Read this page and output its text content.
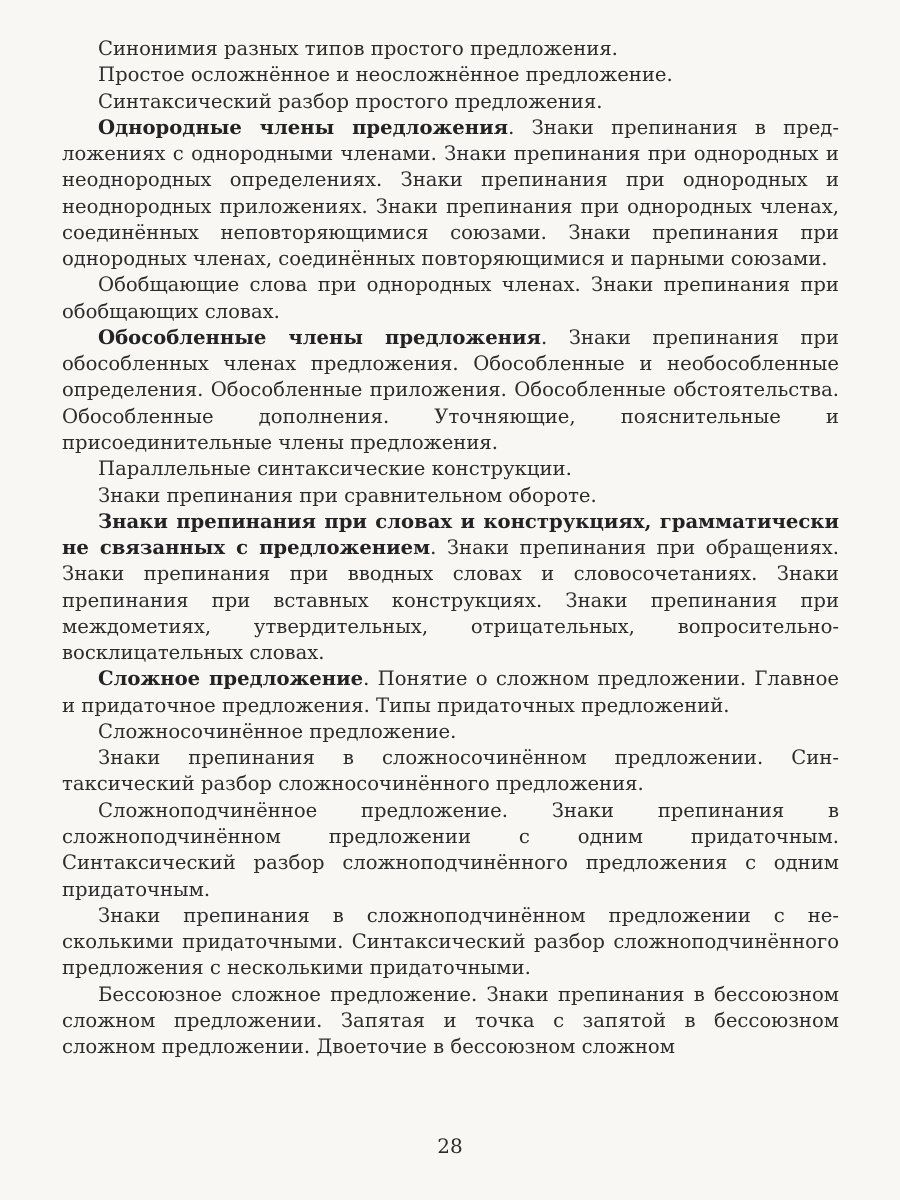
Синонимия разных типов простого предложения.

Простое осложнённое и неосложнённое предложение.

Синтаксический разбор простого предложения.

Однородные члены предложения. Знаки препинания в предложениях с однородными членами. Знаки препинания при однородных и неоднородных определениях. Знаки препинания при однородных и неоднородных приложениях. Знаки препинания при однородных членах, соединённых неповторяющимися союзами. Знаки препинания при однородных членах, соединённых повторяющимися и парными союзами.

Обобщающие слова при однородных членах. Знаки препинания при обобщающих словах.

Обособленные члены предложения. Знаки препинания при обособленных членах предложения. Обособленные и необособленные определения. Обособленные приложения. Обособленные обстоятельства. Обособленные дополнения. Уточняющие, пояснительные и присоединительные члены предложения.

Параллельные синтаксические конструкции.

Знаки препинания при сравнительном обороте.

Знаки препинания при словах и конструкциях, грамматически не связанных с предложением. Знаки препинания при обращениях. Знаки препинания при вводных словах и словосочетаниях. Знаки препинания при вставных конструкциях. Знаки препинания при междометиях, утвердительных, отрицательных, вопросительно-восклицательных словах.

Сложное предложение. Понятие о сложном предложении. Главное и придаточное предложения. Типы придаточных предложений.

Сложносочинённое предложение.

Знаки препинания в сложносочинённом предложении. Синтаксический разбор сложносочинённого предложения.

Сложноподчинённое предложение. Знаки препинания в сложноподчинённом предложении с одним придаточным. Синтаксический разбор сложноподчинённого предложения с одним придаточным.

Знаки препинания в сложноподчинённом предложении с несколькими придаточными. Синтаксический разбор сложноподчинённого предложения с несколькими придаточными.

Бессоюзное сложное предложение. Знаки препинания в бессоюзном сложном предложении. Запятая и точка с запятой в бессоюзном сложном предложении. Двоеточие в бессоюзном сложном

28
